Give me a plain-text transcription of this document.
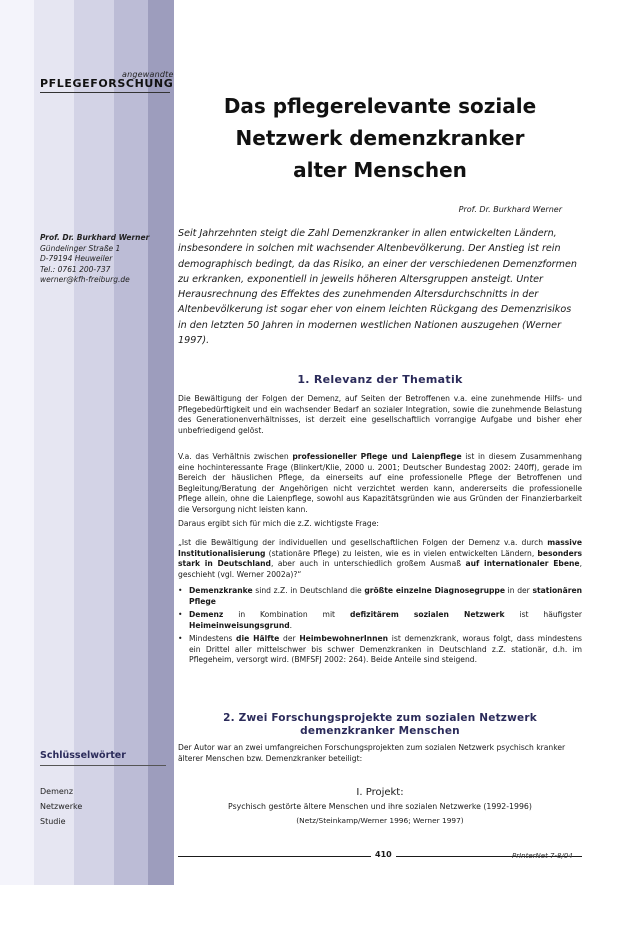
angewandte
PFLEGEFORSCHUNG
Das pflegerelevante soziale
Netzwerk demenzkranker
alter Menschen
Prof. Dr. Burkhard Werner
Prof. Dr. Burkhard Werner
Gündelinger Straße 1
D-79194 Heuweiler
Tel.: 0761 200-737
werner@kfh-freiburg.de
Seit Jahrzehnten steigt die Zahl Demenzkranker in allen entwickelten Ländern, insbesondere in solchen mit wachsender Altenbevölkerung. Der Anstieg ist rein demographisch bedingt, da das Risiko, an einer der verschiedenen Demenzformen zu erkranken, exponentiell in jeweils höheren Altersgruppen ansteigt. Unter Herausrechnung des Effektes des zunehmenden Altersdurchschnitts in der Altenbevölkerung ist sogar eher von einem leichten Rückgang des Demenzrisikos in den letzten 50 Jahren in modernen westlichen Nationen auszugehen (Werner 1997).
1. Relevanz der Thematik
Die Bewältigung der Folgen der Demenz, auf Seiten der Betroffenen v.a. eine zunehmende Hilfs- und Pflegebedürftigkeit und ein wachsender Bedarf an sozialer Integration, sowie die zunehmende Belastung des Generationenverhältnisses, ist derzeit eine gesellschaftlich vorrangige Aufgabe und bisher eher unbefriedigend gelöst.
V.a. das Verhältnis zwischen professioneller Pflege und Laienpflege ist in diesem Zusammenhang eine hochinteressante Frage (Blinkert/Klie, 2000 u. 2001; Deutscher Bundestag 2002: 240ff), gerade im Bereich der häuslichen Pflege, da einerseits auf eine professionelle Pflege der Betroffenen und Begleitung/Beratung der Angehörigen nicht verzichtet werden kann, andererseits die professionelle Pflege allein, ohne die Laienpflege, sowohl aus Kapazitätsgründen wie aus Gründen der Finanzierbarkeit die Versorgung nicht leisten kann.
Daraus ergibt sich für mich die z.Z. wichtigste Frage:
„Ist die Bewältigung der individuellen und gesellschaftlichen Folgen der Demenz v.a. durch massive Institutionalisierung (stationäre Pflege) zu leisten, wie es in vielen entwickelten Ländern, besonders stark in Deutschland, aber auch in unterschiedlich großem Ausmaß auf internationaler Ebene, geschieht (vgl. Werner 2002a)?“
• Demenzkranke sind z.Z. in Deutschland die größte einzelne Diagnosegruppe in der stationären Pflege
• Demenz in Kombination mit defizitärem sozialen Netzwerk ist häufigster Heimeinweisungsgrund.
• Mindestens die Hälfte der HeimbewohnerInnen ist demenzkrank, woraus folgt, dass mindestens ein Drittel aller mittelschwer bis schwer Demenzkranken in Deutschland z.Z. stationär, d.h. im Pflegeheim, versorgt wird. (BMFSFJ 2002: 264). Beide Anteile sind steigend.
2. Zwei Forschungsprojekte zum sozialen Netzwerk
demenzkranker Menschen
Der Autor war an zwei umfangreichen Forschungsprojekten zum sozialen Netzwerk psychisch kranker älterer Menschen bzw. Demenzkranker beteiligt:
I. Projekt:
Psychisch gestörte ältere Menschen und ihre sozialen Netzwerke (1992-1996)
(Netz/Steinkamp/Werner 1996; Werner 1997)
Schlüsselwörter
Demenz
Netzwerke
Studie
410	PrInterNet 7-8/04
